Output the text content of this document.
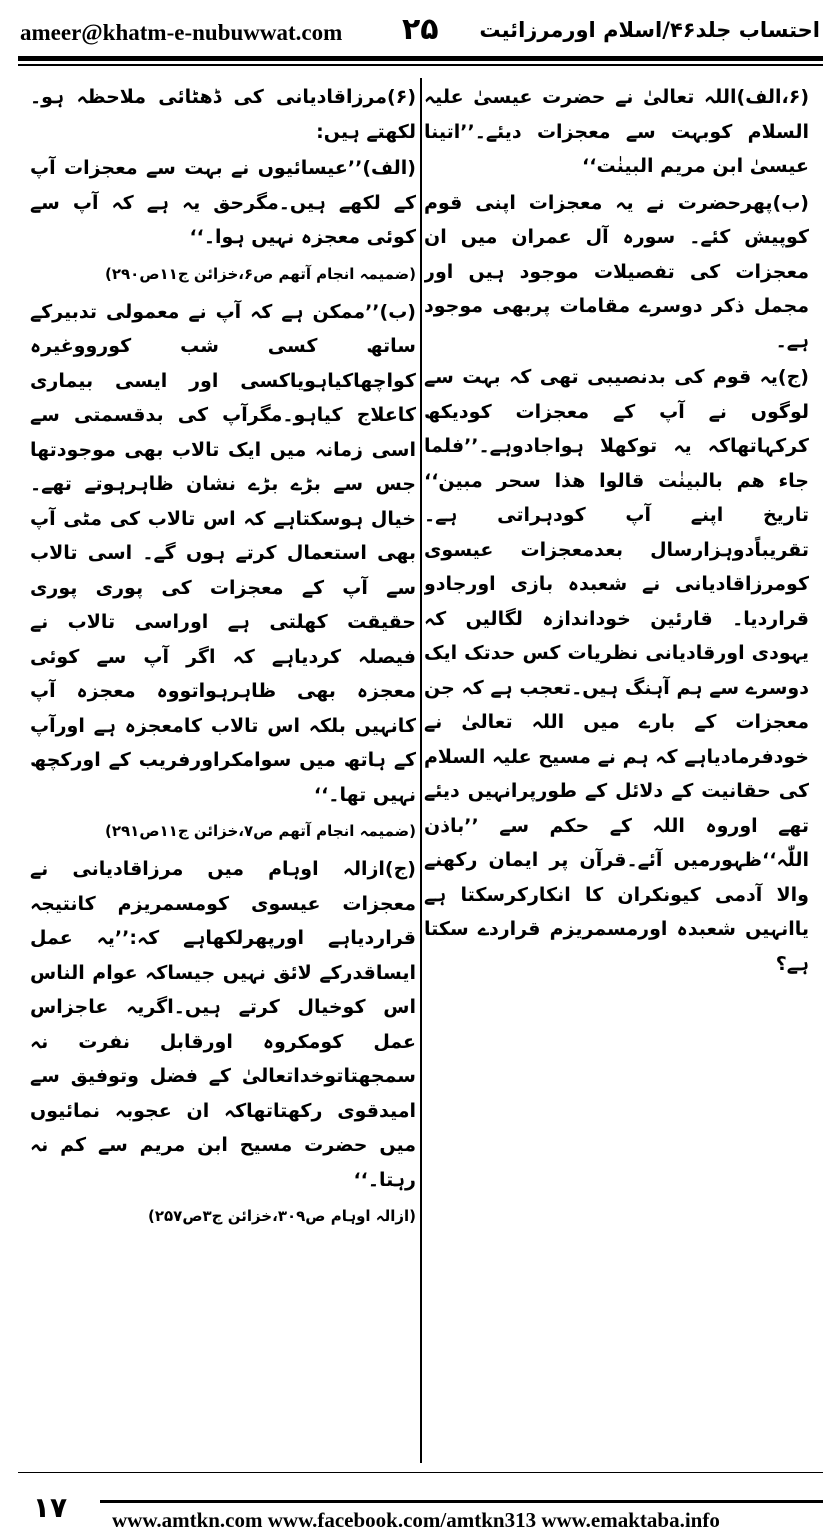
ameer@khatm-e-nubuwwat.com ۲۵ احتساب جلد۴۶/اسلام اورمرزائیت

(۶،الف)اللہ تعالیٰ نے حضرت عیسیٰ علیہ السلام کوبہت سے معجزات دیئے۔’’اتینا عیسیٰ ابن مریم البینٰت‘‘

(ب)پھرحضرت نے یہ معجزات اپنی قوم کوپیش کئے۔ سورہ آل عمران میں ان معجزات کی تفصیلات موجود ہیں اور مجمل ذکر دوسرے مقامات پربھی موجود ہے۔

(ج)یہ قوم کی بدنصیبی تھی کہ بہت سے لوگوں نے آپ کے معجزات کودیکھ کرکہاتھاکہ یہ توکھلا ہواجادوہے۔’’فلما جاء ھم بالبینٰت قالوا ھذا سحر مبین‘‘ تاریخ اپنے آپ کودہراتی ہے۔تقریباًدوہزارسال بعدمعجزات عیسوی کومرزاقادیانی نے شعبدہ بازی اورجادو قراردیا۔ قارئین خوداندازہ لگالیں کہ یہودی اورقادیانی نظریات کس حدتک ایک دوسرے سے ہم آہنگ ہیں۔تعجب ہے کہ جن معجزات کے بارے میں اللہ تعالیٰ نے خودفرمادیاہے کہ ہم نے مسیح علیہ السلام کی حقانیت کے دلائل کے طورپرانہیں دیئے تھے اوروہ اللہ کے حکم سے ’’باذن اللّٰہ‘‘ظہورمیں آئے۔قرآن پر ایمان رکھنے والا آدمی کیونکران کا انکارکرسکتا ہے یاانہیں شعبدہ اورمسمریزم قراردے سکتا ہے؟

(۶)مرزاقادیانی کی ڈھٹائی ملاحظہ ہو۔لکھتے ہیں:

(الف)’’عیسائیوں نے بہت سے معجزات آپ کے لکھے ہیں۔مگرحق یہ ہے کہ آپ سے کوئی معجزہ نہیں ہوا۔‘‘

(ضمیمہ انجام آتھم ص۶،خزائن ج۱۱ص۲۹۰)

(ب)’’ممکن ہے کہ آپ نے معمولی تدبیرکے ساتھ کسی شب کورووغیرہ کواچھاکیاہویاکسی اور ایسی بیماری کاعلاج کیاہو۔مگرآپ کی بدقسمتی سے اسی زمانہ میں ایک تالاب بھی موجودتھا جس سے بڑے بڑے نشان ظاہرہوتے تھے۔ خیال ہوسکتاہے کہ اس تالاب کی مٹی آپ بھی استعمال کرتے ہوں گے۔ اسی تالاب سے آپ کے معجزات کی پوری پوری حقیقت کھلتی ہے اوراسی تالاب نے فیصلہ کردیاہے کہ اگر آپ سے کوئی معجزہ بھی ظاہرہواتووہ معجزہ آپ کانہیں بلکہ اس تالاب کامعجزہ ہے اورآپ کے ہاتھ میں سوامکراورفریب کے اورکچھ نہیں تھا۔‘‘

(ضمیمہ انجام آتھم ص۷،خزائن ج۱۱ص۲۹۱)

(ج)ازالہ اوہام میں مرزاقادیانی نے معجزات عیسوی کومسمریزم کانتیجہ قراردیاہے اورپھرلکھاہے کہ:’’یہ عمل ایساقدرکے لائق نہیں جیساکہ عوام الناس اس کوخیال کرتے ہیں۔اگریہ عاجزاس عمل کومکروہ اورقابل نفرت نہ سمجھتاتوخداتعالیٰ کے فضل وتوفیق سے امیدقوی رکھتاتھاکہ ان عجوبہ نمائیوں میں حضرت مسیح ابن مریم سے کم نہ رہتا۔‘‘

(ازالہ اوہام ص۳۰۹،خزائن ج۳ص۲۵۷)

۱۷	www.amtkn.com www.facebook.com/amtkn313 www.emaktaba.info
